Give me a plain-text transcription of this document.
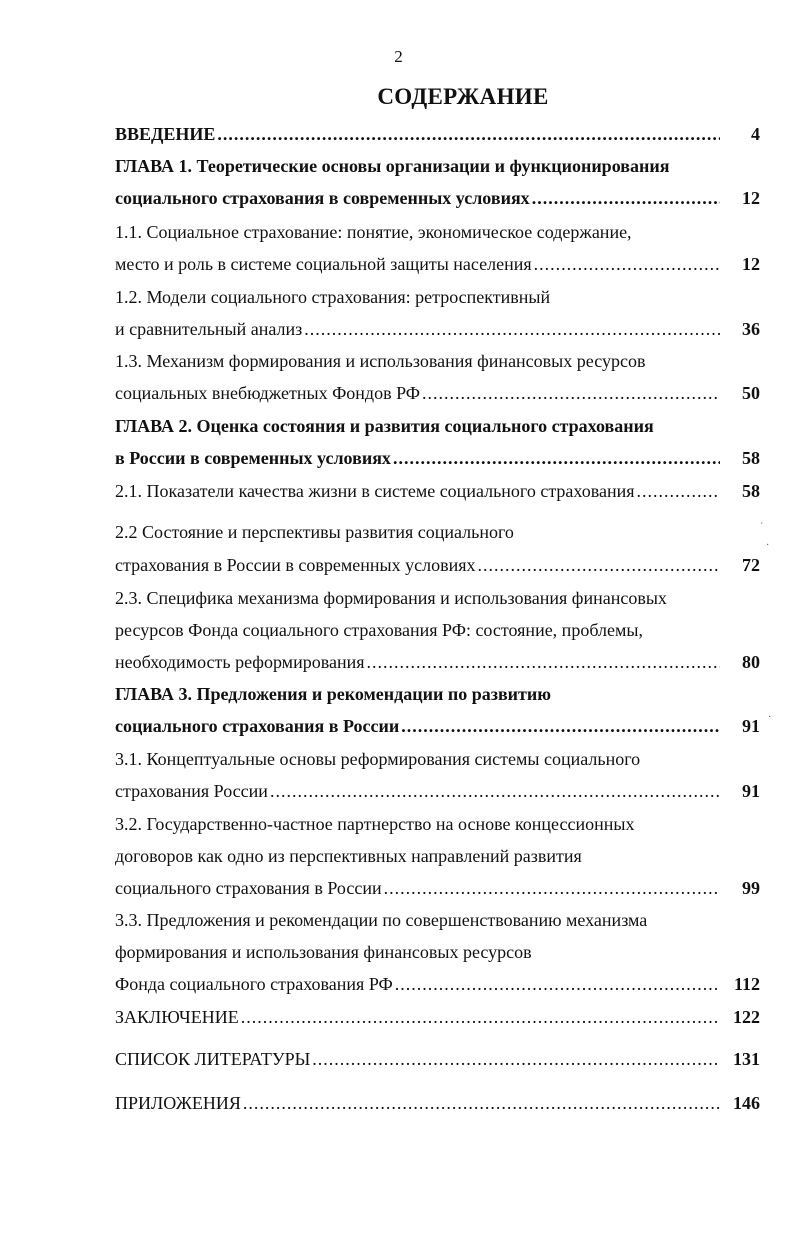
2
СОДЕРЖАНИЕ
ВВЕДЕНИЕ .....	4
ГЛАВА 1. Теоретические основы организации и функционирования
социального страхования в современных условиях .....	12
1.1. Социальное страхование: понятие, экономическое содержание,
место и роль в системе социальной защиты населения .....	12
1.2. Модели социального страхования: ретроспективный
и сравнительный анализ .....	36
1.3. Механизм формирования и использования финансовых ресурсов
социальных внебюджетных Фондов РФ .....	50
ГЛАВА 2. Оценка состояния и развития социального страхования
в России в современных условиях .....	58
2.1. Показатели качества жизни в системе социального страхования .....	58
2.2 Состояние и перспективы развития социального
страхования в России в современных условиях .....	72
2.3. Специфика механизма формирования и использования финансовых
ресурсов Фонда социального страхования РФ: состояние, проблемы,
необходимость реформирования .....	80
ГЛАВА 3. Предложения и рекомендации по развитию
социального страхования в России .....	91
3.1. Концептуальные основы реформирования системы социального
страхования России .....	91
3.2. Государственно-частное партнерство на основе концессионных
договоров как одно из перспективных направлений развития
социального страхования в России .....	99
3.3. Предложения и рекомендации по совершенствованию механизма
формирования и использования финансовых ресурсов
Фонда социального страхования РФ .....	112
ЗАКЛЮЧЕНИЕ .....	122
СПИСОК ЛИТЕРАТУРЫ .....	131
ПРИЛОЖЕНИЯ .....	146
´
·
·
